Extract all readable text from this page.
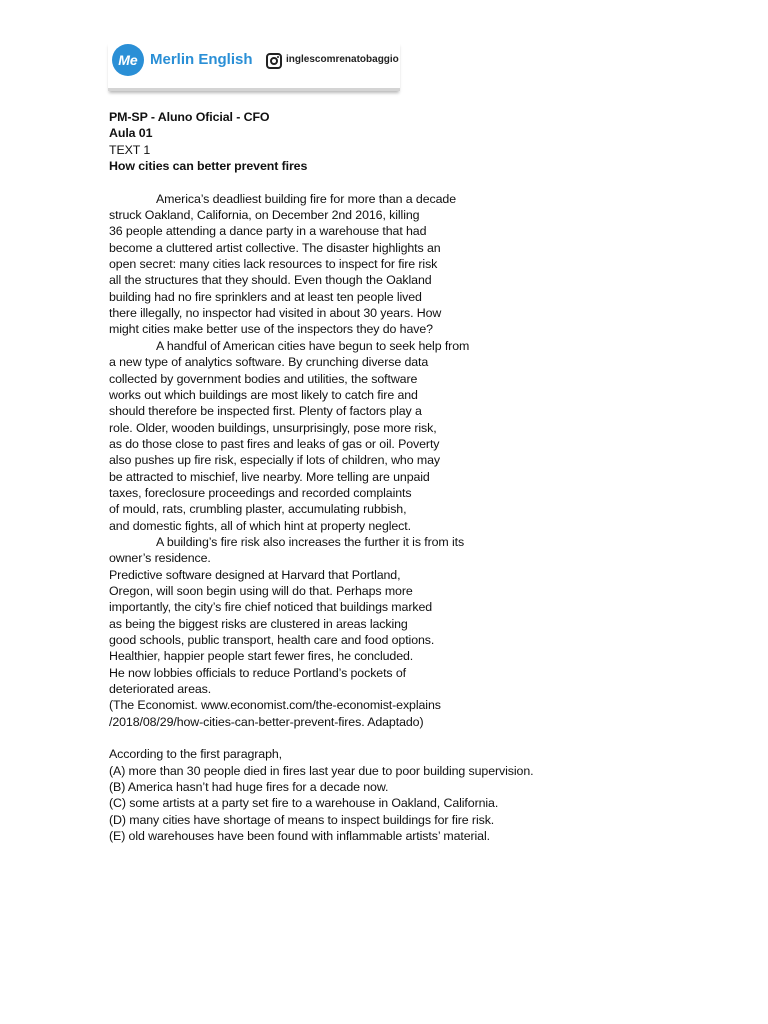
Me Merlin English	inglescomrenatobaggio
PM-SP - Aluno Oficial - CFO
Aula 01
TEXT 1
How cities can better prevent fires
America’s deadliest building fire for more than a decade
struck Oakland, California, on December 2nd 2016, killing
36 people attending a dance party in a warehouse that had
become a cluttered artist collective. The disaster highlights an
open secret: many cities lack resources to inspect for fire risk
all the structures that they should. Even though the Oakland
building had no fire sprinklers and at least ten people lived
there illegally, no inspector had visited in about 30 years. How
might cities make better use of the inspectors they do have?
A handful of American cities have begun to seek help from
a new type of analytics software. By crunching diverse data
collected by government bodies and utilities, the software
works out which buildings are most likely to catch fire and
should therefore be inspected first. Plenty of factors play a
role. Older, wooden buildings, unsurprisingly, pose more risk,
as do those close to past fires and leaks of gas or oil. Poverty
also pushes up fire risk, especially if lots of children, who may
be attracted to mischief, live nearby. More telling are unpaid
taxes, foreclosure proceedings and recorded complaints
of mould, rats, crumbling plaster, accumulating rubbish,
and domestic fights, all of which hint at property neglect.
A building’s fire risk also increases the further it is from its
owner’s residence.
Predictive software designed at Harvard that Portland,
Oregon, will soon begin using will do that. Perhaps more
importantly, the city’s fire chief noticed that buildings marked
as being the biggest risks are clustered in areas lacking
good schools, public transport, health care and food options.
Healthier, happier people start fewer fires, he concluded.
He now lobbies officials to reduce Portland’s pockets of
deteriorated areas.
(The Economist. www.economist.com/the-economist-explains
/2018/08/29/how-cities-can-better-prevent-fires. Adaptado)
According to the first paragraph,
(A) more than 30 people died in fires last year due to poor building supervision.
(B) America hasn’t had huge fires for a decade now.
(C) some artists at a party set fire to a warehouse in Oakland, California.
(D) many cities have shortage of means to inspect buildings for fire risk.
(E) old warehouses have been found with inflammable artists’ material.
